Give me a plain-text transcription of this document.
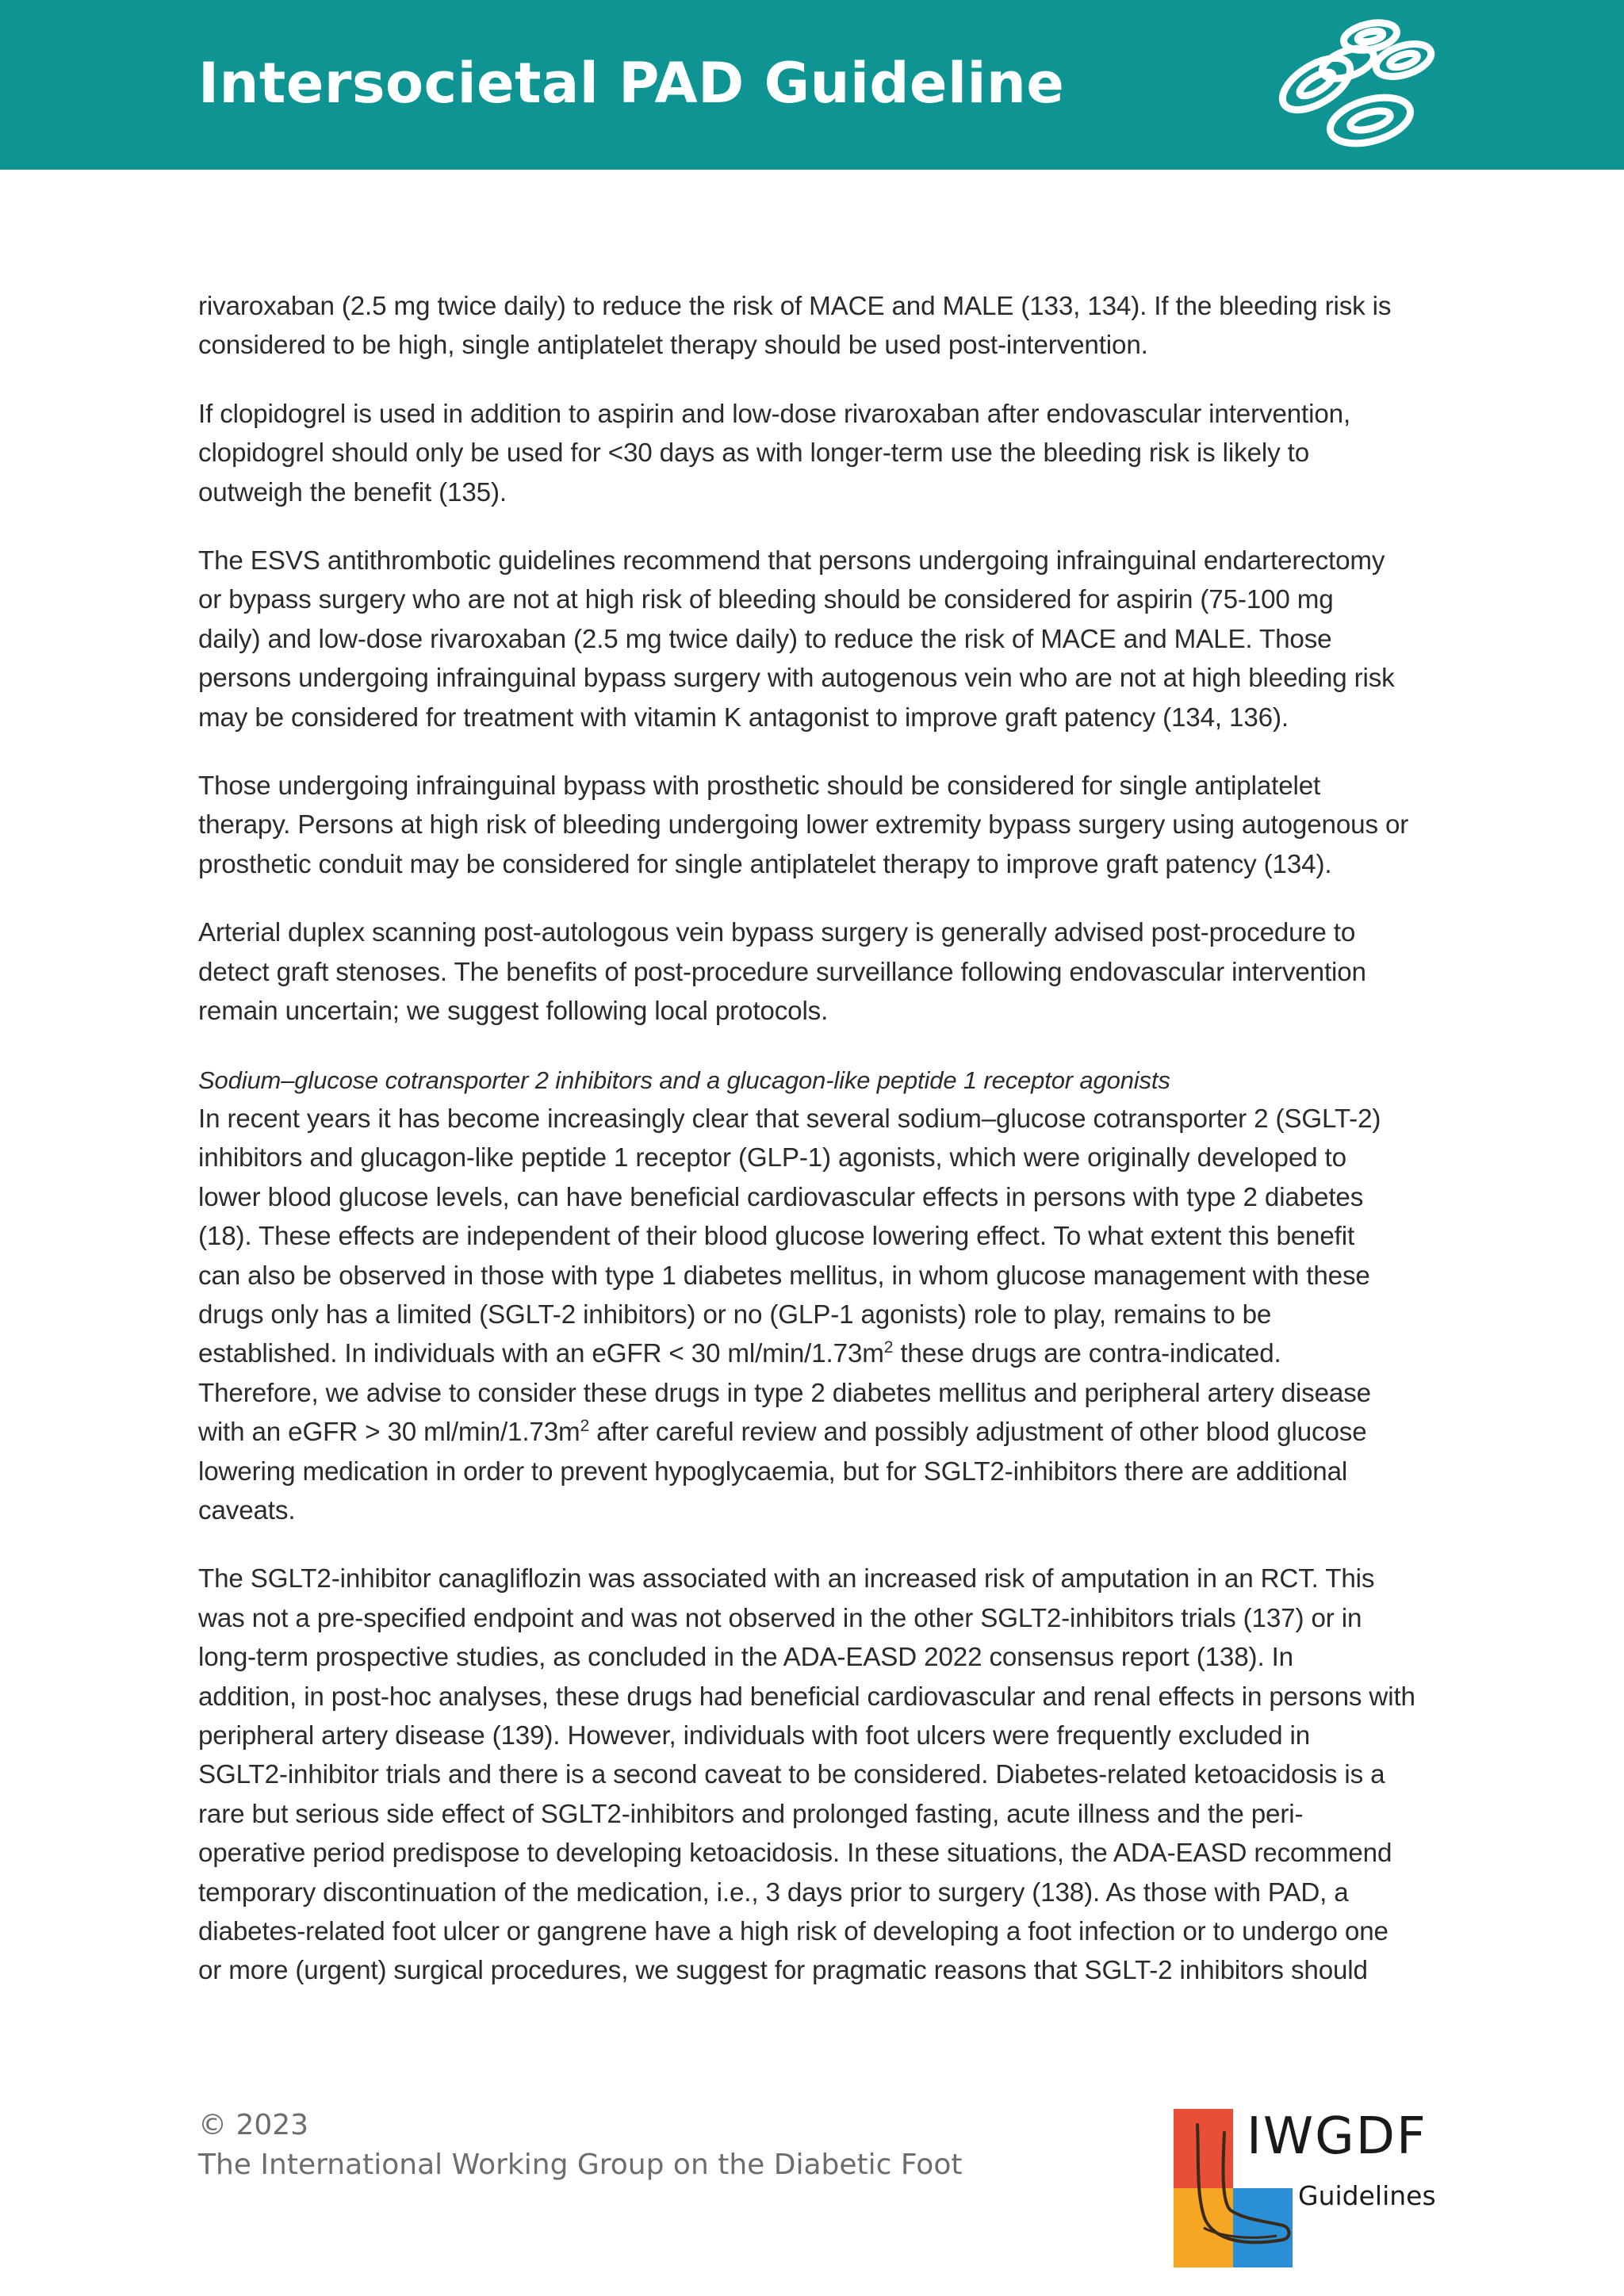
Intersocietal PAD Guideline

rivaroxaban (2.5 mg twice daily) to reduce the risk of MACE and MALE (133, 134). If the bleeding risk is
considered to be high, single antiplatelet therapy should be used post-intervention.

If clopidogrel is used in addition to aspirin and low-dose rivaroxaban after endovascular intervention,
clopidogrel should only be used for <30 days as with longer-term use the bleeding risk is likely to
outweigh the benefit (135).

The ESVS antithrombotic guidelines recommend that persons undergoing infrainguinal endarterectomy
or bypass surgery who are not at high risk of bleeding should be considered for aspirin (75-100 mg
daily) and low-dose rivaroxaban (2.5 mg twice daily) to reduce the risk of MACE and MALE. Those
persons undergoing infrainguinal bypass surgery with autogenous vein who are not at high bleeding risk
may be considered for treatment with vitamin K antagonist to improve graft patency (134, 136).

Those undergoing infrainguinal bypass with prosthetic should be considered for single antiplatelet
therapy. Persons at high risk of bleeding undergoing lower extremity bypass surgery using autogenous or
prosthetic conduit may be considered for single antiplatelet therapy to improve graft patency (134).

Arterial duplex scanning post-autologous vein bypass surgery is generally advised post-procedure to
detect graft stenoses. The benefits of post-procedure surveillance following endovascular intervention
remain uncertain; we suggest following local protocols.

Sodium–glucose cotransporter 2 inhibitors and a glucagon-like peptide 1 receptor agonists
In recent years it has become increasingly clear that several sodium–glucose cotransporter 2 (SGLT-2)
inhibitors and glucagon-like peptide 1 receptor (GLP-1) agonists, which were originally developed to
lower blood glucose levels, can have beneficial cardiovascular effects in persons with type 2 diabetes
(18). These effects are independent of their blood glucose lowering effect. To what extent this benefit
can also be observed in those with type 1 diabetes mellitus, in whom glucose management with these
drugs only has a limited (SGLT-2 inhibitors) or no (GLP-1 agonists) role to play, remains to be
established. In individuals with an eGFR < 30 $ml/\min/1.73m^2$ these drugs are contra-indicated.
Therefore, we advise to consider these drugs in type 2 diabetes mellitus and peripheral artery disease
with an eGFR > 30 $ml/\min/1.73m^2$ after careful review and possibly adjustment of other blood glucose
lowering medication in order to prevent hypoglycaemia, but for SGLT2-inhibitors there are additional
caveats.

The SGLT2-inhibitor canagliflozin was associated with an increased risk of amputation in an RCT. This
was not a pre-specified endpoint and was not observed in the other SGLT2-inhibitors trials (137) or in
long-term prospective studies, as concluded in the ADA-EASD 2022 consensus report (138). In
addition, in post-hoc analyses, these drugs had beneficial cardiovascular and renal effects in persons with
peripheral artery disease (139). However, individuals with foot ulcers were frequently excluded in
SGLT2-inhibitor trials and there is a second caveat to be considered. Diabetes-related ketoacidosis is a
rare but serious side effect of SGLT2-inhibitors and prolonged fasting, acute illness and the peri-
operative period predispose to developing ketoacidosis. In these situations, the ADA-EASD recommend
temporary discontinuation of the medication, i.e., 3 days prior to surgery (138). As those with PAD, a
diabetes-related foot ulcer or gangrene have a high risk of developing a foot infection or to undergo one
or more (urgent) surgical procedures, we suggest for pragmatic reasons that SGLT-2 inhibitors should

© 2023
The International Working Group on the Diabetic Foot	IWGDF
Guidelines
